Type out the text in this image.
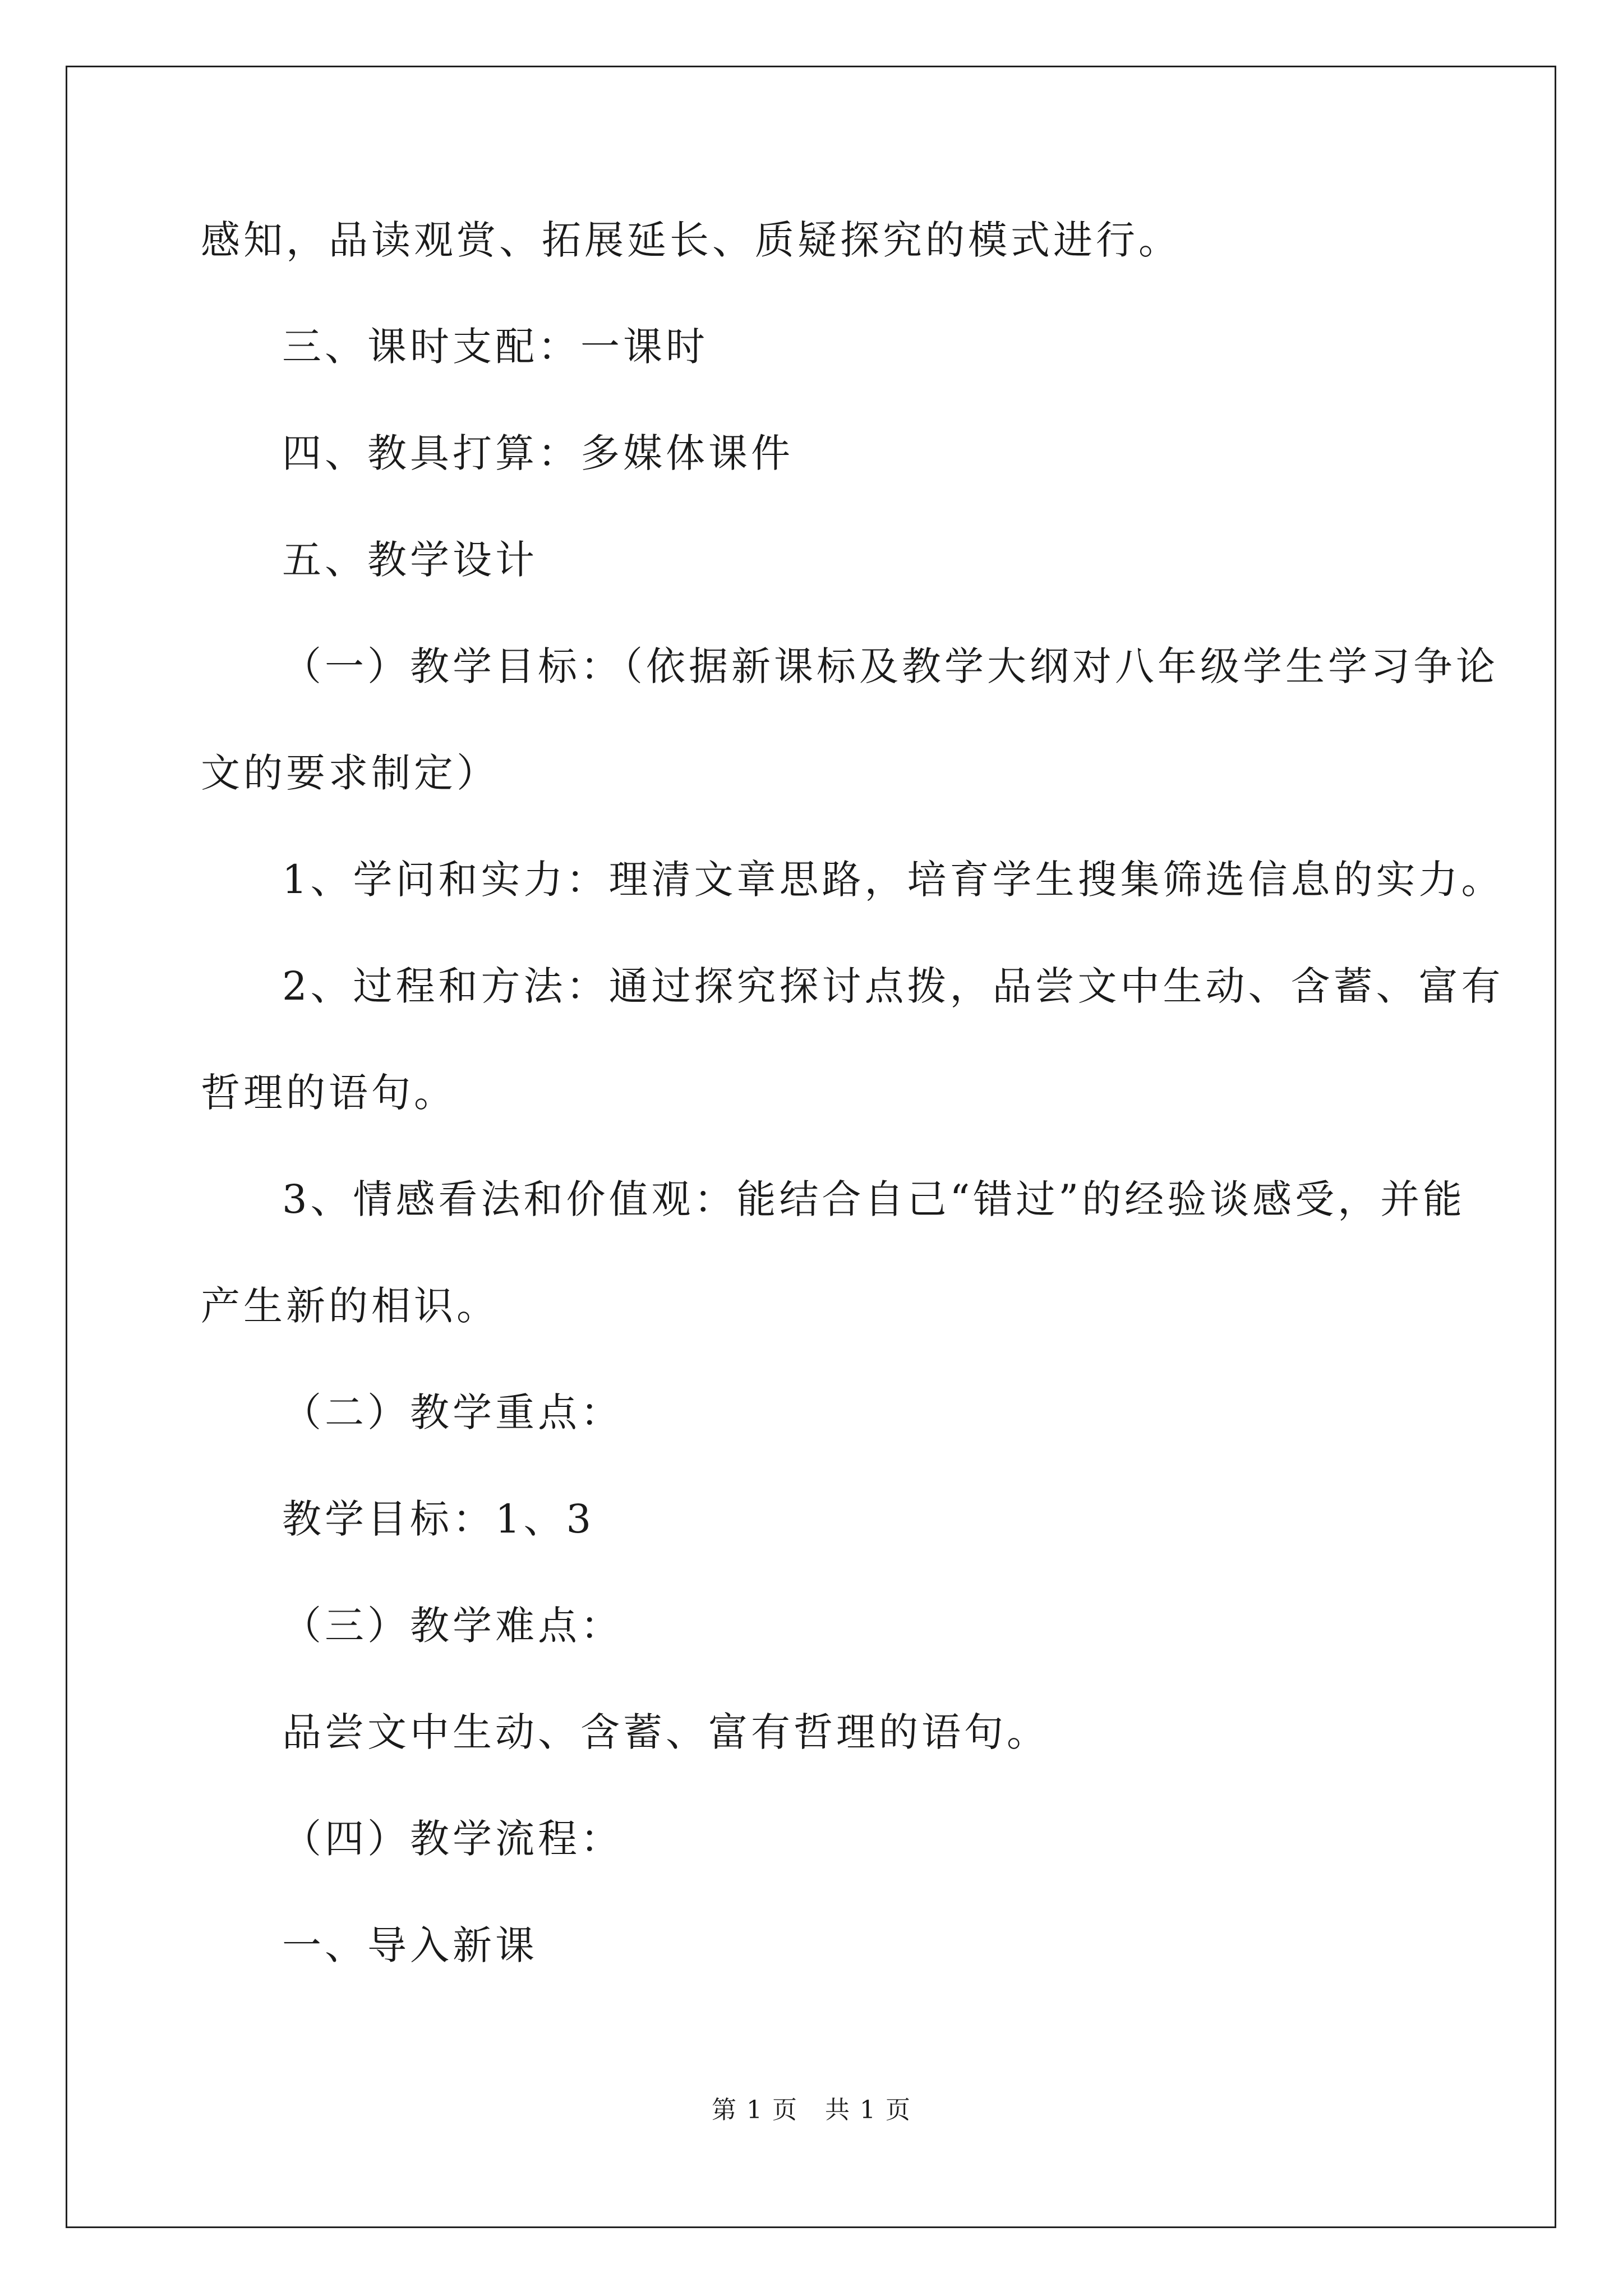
感知，品读观赏、拓展延长、质疑探究的模式进行。
三、课时支配：一课时
四、教具打算：多媒体课件
五、教学设计
（一）教学目标：（依据新课标及教学大纲对八年级学生学习争论
文的要求制定）
1、学问和实力：理清文章思路，培育学生搜集筛选信息的实力。
2、过程和方法：通过探究探讨点拨，品尝文中生动、含蓄、富有
哲理的语句。
3、情感看法和价值观：能结合自己“错过”的经验谈感受，并能
产生新的相识。
（二）教学重点：
教学目标：1、3
（三）教学难点：
品尝文中生动、含蓄、富有哲理的语句。
（四）教学流程：
一、导入新课
第 1 页   共 1 页
